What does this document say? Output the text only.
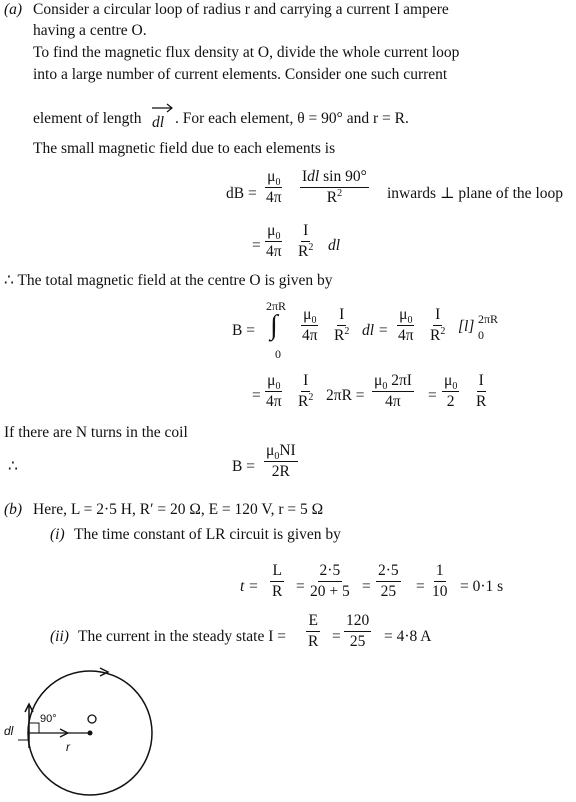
(a) Consider a circular loop of radius r and carrying a current I ampere
having a centre O.
To find the magnetic flux density at O, divide the whole current loop
into a large number of current elements. Consider one such current
element of length dl . For each element, θ = 90° and r = R.
The small magnetic field due to each elements is
dB = $\frac{\mu_0}{4\pi}$ Idl sin 90°
$R^2$	inwards ⊥ plane of the loop
= $\frac{\mu_0}{4\pi} \frac{I}{R^2}$ dl
∴ The total magnetic field at the centre O is given by
B =
2πR
∫
0
$\frac{\mu_0}{4\pi} \frac{I}{R^2}$ dl = $\frac{\mu_0}{4\pi} \frac{I}{R^2} [l]$ 2πR
0
= $\frac{\mu_0}{4\pi} \frac{I}{R^2} 2\pi R = \frac{\mu_0 2\pi I}{4\pi} = \frac{\mu_0}{2} \frac{I}{R}$
If there are N turns in the coil
∴	$B = \frac{\mu_0NI}{2R}$
(b) Here, L = 2·5 H, R′ = 20 Ω, E = 120 V, r = 5 Ω
(i) The time constant of LR circuit is given by
$t = \frac{L}{R} = \frac{2\cdot 5}{20 + 5} = \frac{2\cdot 5}{25} = \frac{1}{10} = 0\cdot 1$ s
(ii) The current in the steady state $I = \frac{E}{R} = \frac{120}{25} = 4\cdot 8$ A
90°
dl
r
